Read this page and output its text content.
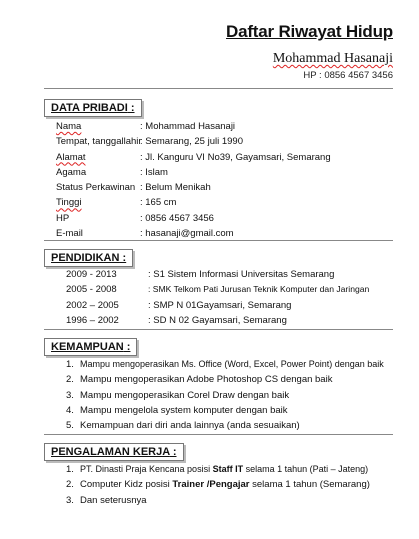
Daftar Riwayat Hidup
Mohammad Hasanaji
HP : 0856 4567 3456
DATA PRIBADI :
Nama	: Mohammad Hasanaji
Tempat, tanggallahir: Semarang, 25 juli 1990
Alamat	: Jl. Kanguru VI No39, Gayamsari, Semarang
Agama	: Islam
Status Perkawinan : Belum Menikah
Tinggi	: 165 cm
HP	: 0856 4567 3456
E-mail	: hasanaji@gmail.com
PENDIDIKAN :
2009 - 2013	: S1 Sistem Informasi Universitas Semarang
2005 - 2008	: SMK Telkom Pati Jurusan Teknik Komputer dan Jaringan
2002 – 2005	: SMP N 01Gayamsari, Semarang
1996 – 2002	: SD N 02 Gayamsari, Semarang
KEMAMPUAN :
1. Mampu mengoperasikan Ms. Office (Word, Excel, Power Point) dengan baik
2. Mampu mengoperasikan Adobe Photoshop CS dengan baik
3. Mampu mengoperasikan Corel Draw dengan baik
4. Mampu mengelola system komputer dengan baik
5. Kemampuan dari diri anda lainnya (anda sesuaikan)
PENGALAMAN KERJA :
1. PT. Dinasti Praja Kencana posisi Staff IT selama 1 tahun (Pati – Jateng)
2. Computer Kidz posisi Trainer /Pengajar selama 1 tahun (Semarang)
3. Dan seterusnya
